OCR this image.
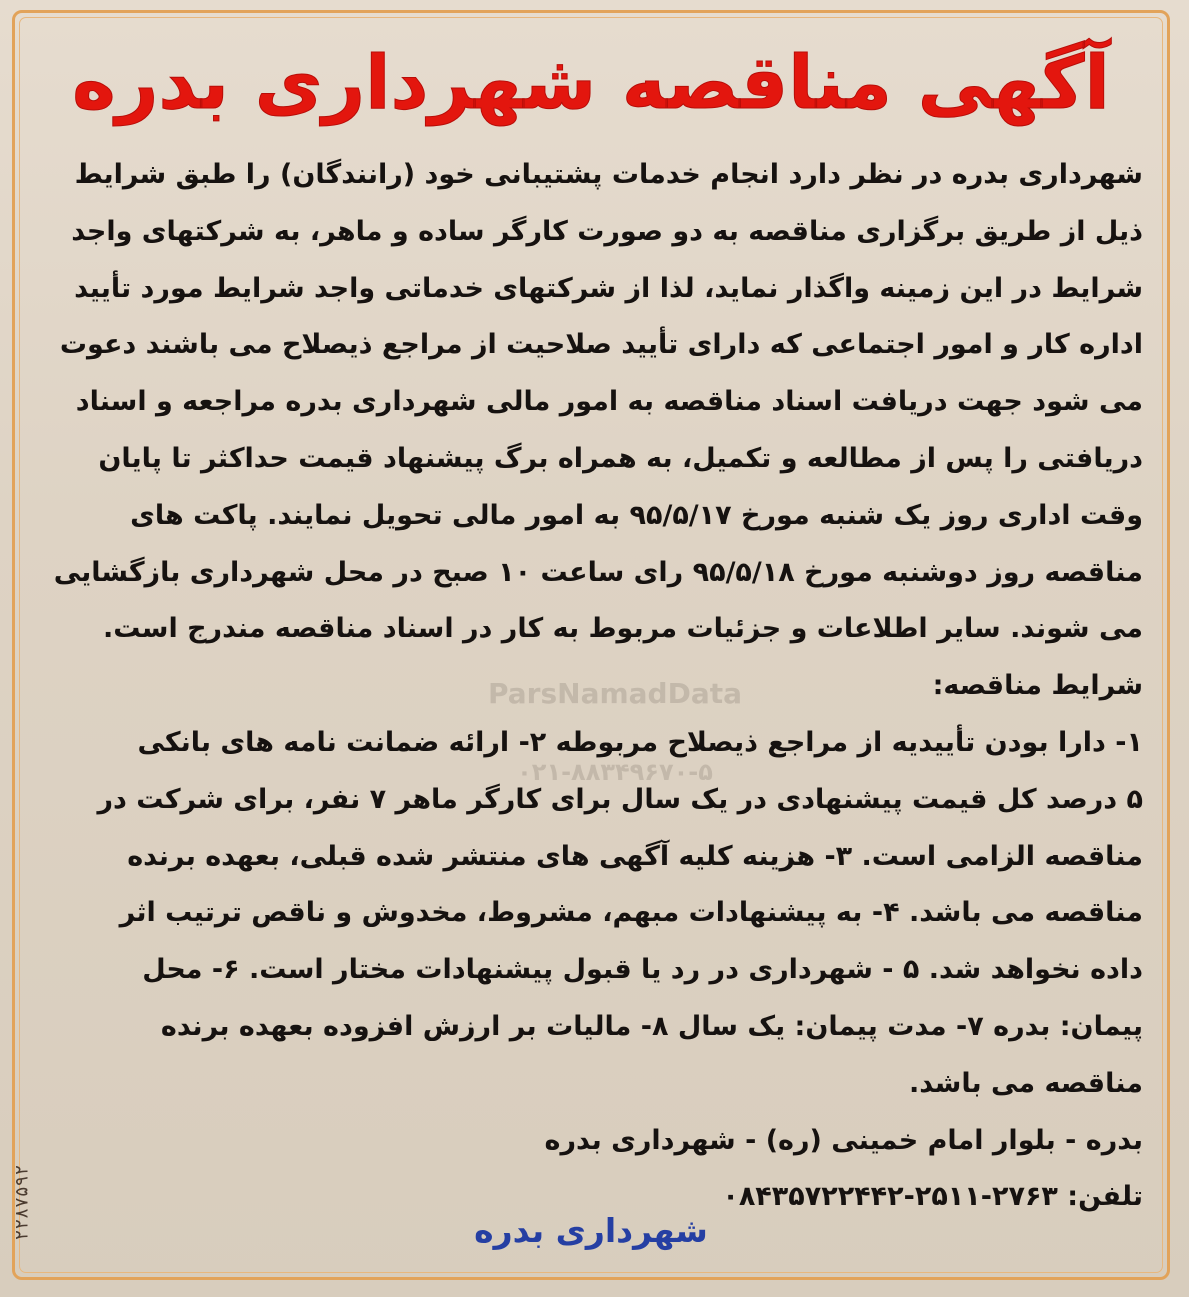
آگهی مناقصه شهرداری بدره
شهرداری بدره در نظر دارد انجام خدمات پشتیبانی خود (رانندگان) را طبق شرایط
ذیل از طریق برگزاری مناقصه به دو صورت کارگر ساده و ماهر، به شرکتهای واجد
شرایط در این زمینه واگذار نماید، لذا از شرکتهای خدماتی واجد شرایط مورد تأیید
اداره کار و امور اجتماعی که دارای تأیید صلاحیت از مراجع ذیصلاح می باشند دعوت
می شود جهت دریافت اسناد مناقصه به امور مالی شهرداری بدره مراجعه و اسناد
دریافتی را پس از مطالعه و تکمیل، به همراه برگ پیشنهاد قیمت حداکثر تا پایان
وقت اداری روز یک شنبه مورخ ۹۵/۵/۱۷ به امور مالی تحویل نمایند. پاکت های
مناقصه روز دوشنبه مورخ ۹۵/۵/۱۸ رای ساعت ۱۰ صبح در محل شهرداری بازگشایی
می شوند. سایر اطلاعات و جزئیات مربوط به کار در اسناد مناقصه مندرج است.
شرایط مناقصه:
۱- دارا بودن تأییدیه از مراجع ذیصلاح مربوطه ۲- ارائه ضمانت نامه های بانکی
۵ درصد کل قیمت پیشنهادی در یک سال برای کارگر ماهر ۷ نفر، برای شرکت در
مناقصه الزامی است. ۳- هزینه کلیه آگهی های منتشر شده قبلی، بعهده برنده
مناقصه می باشد. ۴- به پیشنهادات مبهم، مشروط، مخدوش و ناقص ترتیب اثر
داده نخواهد شد. ۵ - شهرداری در رد یا قبول پیشنهادات مختار است. ۶- محل
پیمان: بدره ۷- مدت پیمان: یک سال ۸- مالیات بر ارزش افزوده بعهده برنده
مناقصه می باشد.
بدره - بلوار امام خمینی (ره) - شهرداری بدره
تلفن: ۲۷۶۳-۲۵۱۱-۰۸۴۳۵۷۲۲۴۴۲
شهرداری بدره
ParsNamadData
۰۲۱-۸۸۳۴۹۶۷۰-۵
۲۲۸۷۵۹۲
